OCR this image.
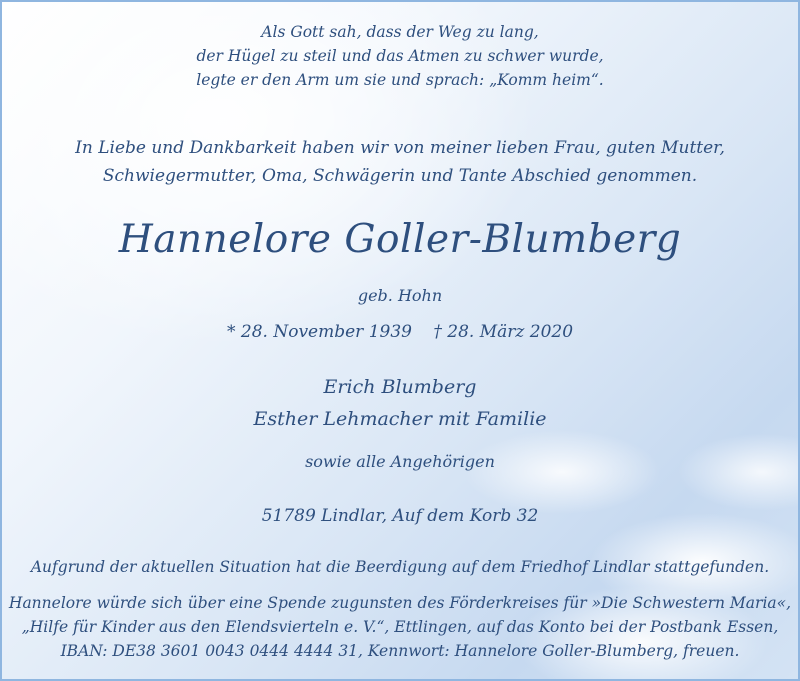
Als Gott sah, dass der Weg zu lang,
der Hügel zu steil und das Atmen zu schwer wurde,
legte er den Arm um sie und sprach: „Komm heim“.
In Liebe und Dankbarkeit haben wir von meiner lieben Frau, guten Mutter,
Schwiegermutter, Oma, Schwägerin und Tante Abschied genommen.
Hannelore Goller-Blumberg
geb. Hohn
* 28. November 1939 † 28. März 2020
Erich Blumberg
Esther Lehmacher mit Familie
sowie alle Angehörigen
51789 Lindlar, Auf dem Korb 32
Aufgrund der aktuellen Situation hat die Beerdigung auf dem Friedhof Lindlar stattgefunden.
Hannelore würde sich über eine Spende zugunsten des Förderkreises für »Die Schwestern Maria«,
„Hilfe für Kinder aus den Elendsvierteln e. V.“, Ettlingen, auf das Konto bei der Postbank Essen,
IBAN: DE38 3601 0043 0444 4444 31, Kennwort: Hannelore Goller-Blumberg, freuen.
